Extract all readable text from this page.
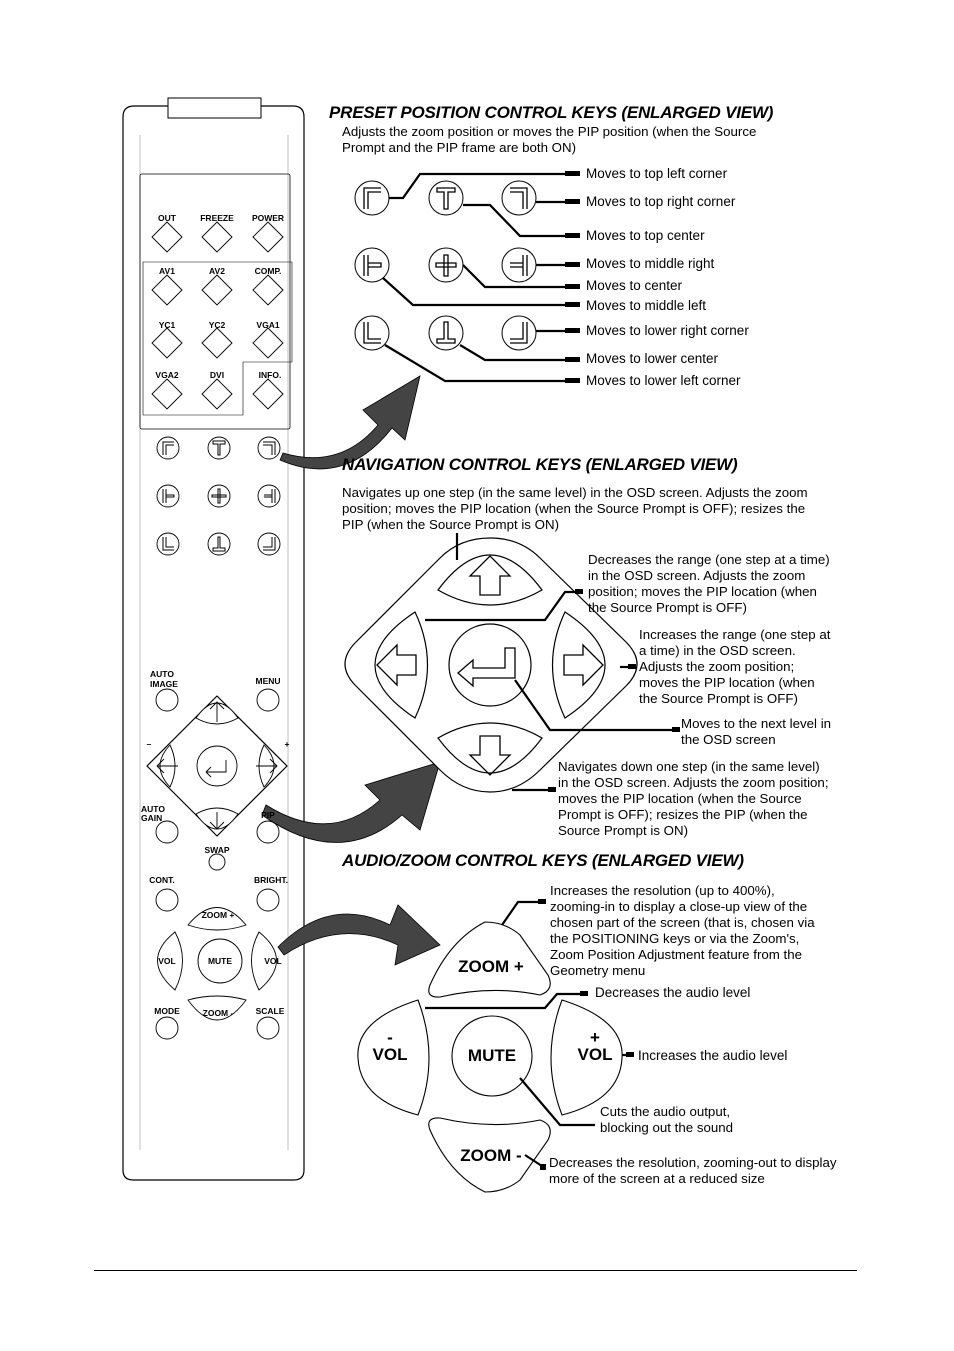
PRESET POSITION CONTROL KEYS (ENLARGED VIEW)
Adjusts the zoom position or moves the PIP position (when the Source Prompt and the PIP frame are both ON)
Moves to top left corner
Moves to top right corner
Moves to top center
Moves to middle right
Moves to center
Moves to middle left
Moves to lower right corner
Moves to lower center
Moves to lower left corner
NAVIGATION CONTROL KEYS (ENLARGED VIEW)
Navigates up one step (in the same level) in the OSD screen. Adjusts the zoom position; moves the PIP location (when the Source Prompt is OFF); resizes the PIP (when the Source Prompt is ON)
Decreases the range (one step at a time) in the OSD screen. Adjusts the zoom position; moves the PIP location (when the Source Prompt is OFF)
Increases the range (one step at a time) in the OSD screen. Adjusts the zoom position; moves the PIP location (when the Source Prompt is OFF)
Moves to the next level in the OSD screen
Navigates down one step (in the same level) in the OSD screen. Adjusts the zoom position; moves the PIP location (when the Source Prompt is OFF); resizes the PIP (when the Source Prompt is ON)
AUDIO/ZOOM CONTROL KEYS (ENLARGED VIEW)
Increases the resolution (up to 400%), zooming-in to display a close-up view of the chosen part of the screen (that is, chosen via the POSITIONING keys or via the Zoom's, Zoom Position Adjustment feature from the Geometry menu
Decreases the audio level
Increases the audio level
Cuts the audio output, blocking out the sound
Decreases the resolution, zooming-out to display more of the screen at a reduced size
ZOOM +
ZOOM -
MUTE
-
VOL
+
VOL
OUT	FREEZE	POWER
AV1	AV2	COMP.
YC1	YC2	VGA1
VGA2	DVI	INFO.
AUTO IMAGE	MENU
–	+
AUTO GAIN	PIP
SWAP
CONT.	BRIGHT.
ZOOM +
VOL	MUTE	VOL
MODE	ZOOM -	SCALE
